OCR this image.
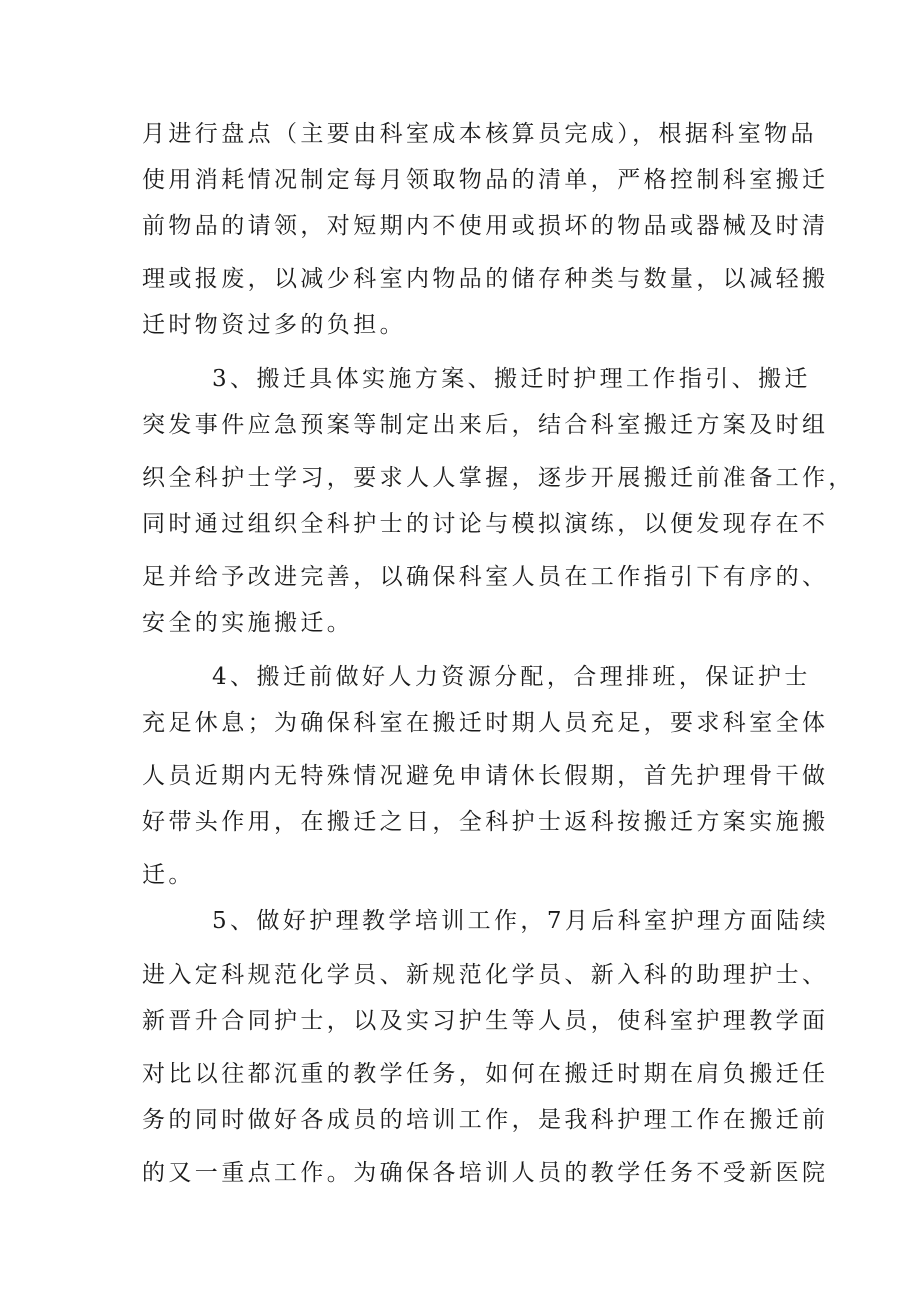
月进行盘点（主要由科室成本核算员完成），根据科室物品
使用消耗情况制定每月领取物品的清单，严格控制科室搬迁
前物品的请领，对短期内不使用或损坏的物品或器械及时清
理或报废，以减少科室内物品的储存种类与数量，以减轻搬
迁时物资过多的负担。
3、搬迁具体实施方案、搬迁时护理工作指引、搬迁
突发事件应急预案等制定出来后，结合科室搬迁方案及时组
织全科护士学习，要求人人掌握，逐步开展搬迁前准备工作，
同时通过组织全科护士的讨论与模拟演练，以便发现存在不
足并给予改进完善，以确保科室人员在工作指引下有序的、
安全的实施搬迁。
4、搬迁前做好人力资源分配，合理排班，保证护士
充足休息；为确保科室在搬迁时期人员充足，要求科室全体
人员近期内无特殊情况避免申请休长假期，首先护理骨干做
好带头作用，在搬迁之日，全科护士返科按搬迁方案实施搬
迁。
5、做好护理教学培训工作，7月后科室护理方面陆续
进入定科规范化学员、新规范化学员、新入科的助理护士、
新晋升合同护士，以及实习护生等人员，使科室护理教学面
对比以往都沉重的教学任务，如何在搬迁时期在肩负搬迁任
务的同时做好各成员的培训工作，是我科护理工作在搬迁前
的又一重点工作。为确保各培训人员的教学任务不受新医院
